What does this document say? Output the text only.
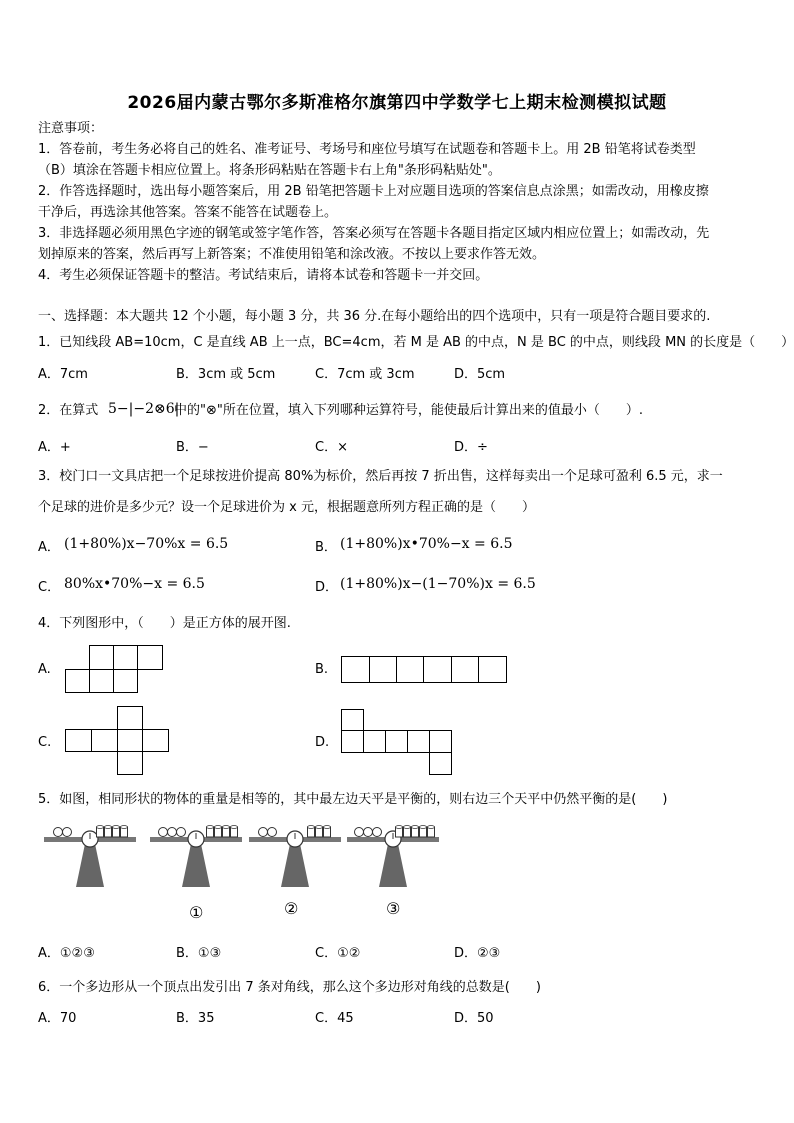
2026届内蒙古鄂尔多斯准格尔旗第四中学数学七上期末检测模拟试题
注意事项：
1．答卷前，考生务必将自己的姓名、准考证号、考场号和座位号填写在试题卷和答题卡上。用 2B 铅笔将试卷类型
（B）填涂在答题卡相应位置上。将条形码粘贴在答题卡右上角"条形码粘贴处"。
2．作答选择题时，选出每小题答案后，用 2B 铅笔把答题卡上对应题目选项的答案信息点涂黑；如需改动，用橡皮擦
干净后，再选涂其他答案。答案不能答在试题卷上。
3．非选择题必须用黑色字迹的钢笔或签字笔作答，答案必须写在答题卡各题目指定区域内相应位置上；如需改动，先
划掉原来的答案，然后再写上新答案；不准使用铅笔和涂改液。不按以上要求作答无效。
4．考生必须保证答题卡的整洁。考试结束后，请将本试卷和答题卡一并交回。
一、选择题：本大题共 12 个小题，每小题 3 分，共 36 分.在每小题给出的四个选项中，只有一项是符合题目要求的.
1．已知线段 AB=10cm，C 是直线 AB 上一点，BC=4cm，若 M 是 AB 的中点，N 是 BC 的中点，则线段 MN 的长度是（　　）
A．7cm	B．3cm 或 5cm	C．7cm 或 3cm	D．5cm
2．在算式 5−|−2⊗6|
中的"⊗"所在位置，填入下列哪种运算符号，能使最后计算出来的值最小（　　）.
A．+	B．−	C．×	D．÷
3．校门口一文具店把一个足球按进价提高 80%为标价，然后再按 7 折出售，这样每卖出一个足球可盈利 6.5 元，求一
个足球的进价是多少元？设一个足球进价为 x 元，根据题意所列方程正确的是（　　）
A． (1+80%)x−70%x = 6.5	B． (1+80%)x•70%−x = 6.5
C． 80%x•70%−x = 6.5	D． (1+80%)x−(1−70%)x = 6.5
4．下列图形中，（　　）是正方体的展开图.
A.	B.
C.	D.
5．如图，相同形状的物体的重量是相等的，其中最左边天平是平衡的，则右边三个天平中仍然平衡的是(　　)
①	②	③
A．①②③	B．①③	C．①②	D．②③
6．一个多边形从一个顶点出发引出 7 条对角线，那么这个多边形对角线的总数是(　　)
A．70	B．35	C．45	D．50
